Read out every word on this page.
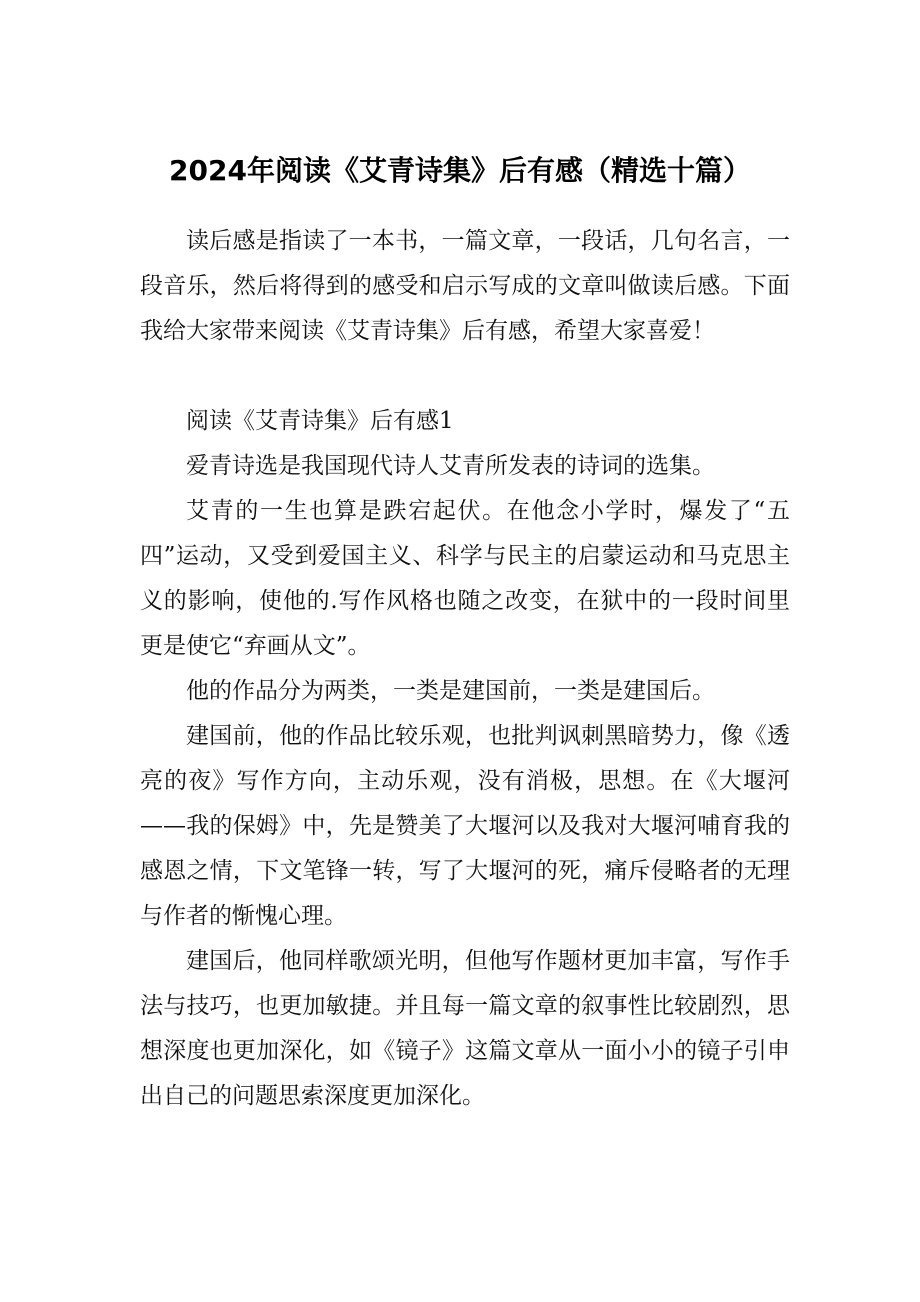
2024年阅读《艾青诗集》后有感（精选十篇）

读后感是指读了一本书，一篇文章，一段话，几句名言，一段音乐，然后将得到的感受和启示写成的文章叫做读后感。下面我给大家带来阅读《艾青诗集》后有感，希望大家喜爱！

阅读《艾青诗集》后有感1

爱青诗选是我国现代诗人艾青所发表的诗词的选集。

艾青的一生也算是跌宕起伏。在他念小学时，爆发了“五四”运动，又受到爱国主义、科学与民主的启蒙运动和马克思主义的影响，使他的.写作风格也随之改变，在狱中的一段时间里更是使它“弃画从文”。

他的作品分为两类，一类是建国前，一类是建国后。

建国前，他的作品比较乐观，也批判讽刺黑暗势力，像《透亮的夜》写作方向，主动乐观，没有消极，思想。在《大堰河——我的保姆》中，先是赞美了大堰河以及我对大堰河哺育我的感恩之情，下文笔锋一转，写了大堰河的死，痛斥侵略者的无理与作者的惭愧心理。

建国后，他同样歌颂光明，但他写作题材更加丰富，写作手法与技巧，也更加敏捷。并且每一篇文章的叙事性比较剧烈，思想深度也更加深化，如《镜子》这篇文章从一面小小的镜子引申出自己的问题思索深度更加深化。
